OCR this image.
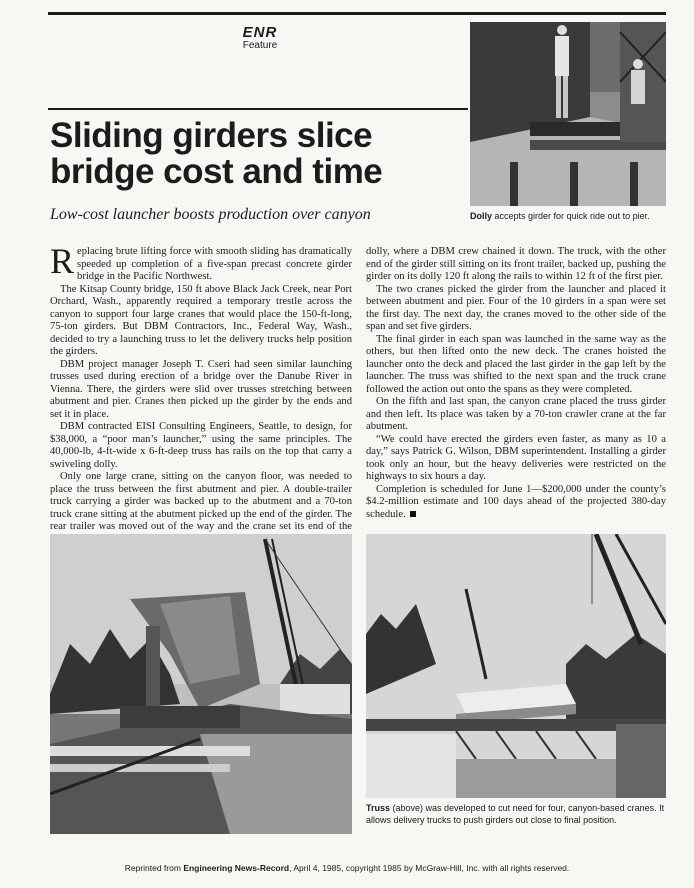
ENR
Feature
Sliding girders slice bridge cost and time
Low-cost launcher boosts production over canyon	Dolly accepts girder for quick ride out to pier.

Replacing brute lifting force with smooth sliding has dramatically speeded up completion of a five-span precast concrete girder bridge in the Pacific Northwest.

The Kitsap County bridge, 150 ft above Black Jack Creek, near Port Orchard, Wash., apparently required a temporary trestle across the canyon to support four large cranes that would place the 150-ft-long, 75-ton girders. But DBM Contractors, Inc., Federal Way, Wash., decided to try a launching truss to let the delivery trucks help position the girders.

DBM project manager Joseph T. Cseri had seen similar launching trusses used during erection of a bridge over the Danube River in Vienna. There, the girders were slid over trusses stretching between abutment and pier. Cranes then picked up the girder by the ends and set it in place.

DBM contracted EISI Consulting Engineers, Seattle, to design, for $38,000, a “poor man’s launcher,” using the same principles. The 40,000-lb, 4-ft-wide x 6-ft-deep truss has rails on the top that carry a swiveling dolly.

Only one large crane, sitting on the canyon floor, was needed to place the truss between the first abutment and pier. A double-trailer truck carrying a girder was backed up to the abutment and a 70-ton truck crane sitting at the abutment picked up the end of the girder. The rear trailer was moved out of the way and the crane set its end of the

dolly, where a DBM crew chained it down. The truck, with the other end of the girder still sitting on its front trailer, backed up, pushing the girder on its dolly 120 ft along the rails to within 12 ft of the first pier.

The two cranes picked the girder from the launcher and placed it between abutment and pier. Four of the 10 girders in a span were set the first day. The next day, the cranes moved to the other side of the span and set five girders.

The final girder in each span was launched in the same way as the others, but then lifted onto the new deck. The cranes hoisted the launcher onto the deck and placed the last girder in the gap left by the launcher. The truss was shifted to the next span and the truck crane followed the action out onto the spans as they were completed.

On the fifth and last span, the canyon crane placed the truss girder and then left. Its place was taken by a 70-ton crawler crane at the far abutment.

“We could have erected the girders even faster, as many as 10 a day,” says Patrick G. Wilson, DBM superintendent. Installing a girder took only an hour, but the heavy deliveries were restricted on the highways to six hours a day.

Completion is scheduled for June 1—$200,000 under the county’s $4.2-million estimate and 100 days ahead of the projected 380-day schedule.

Truss (above) was developed to cut need for four, canyon-based cranes. It allows delivery trucks to push girders out close to final position.
Reprinted from Engineering News-Record, April 4, 1985, copyright 1985 by McGraw-Hill, Inc. with all rights reserved.
